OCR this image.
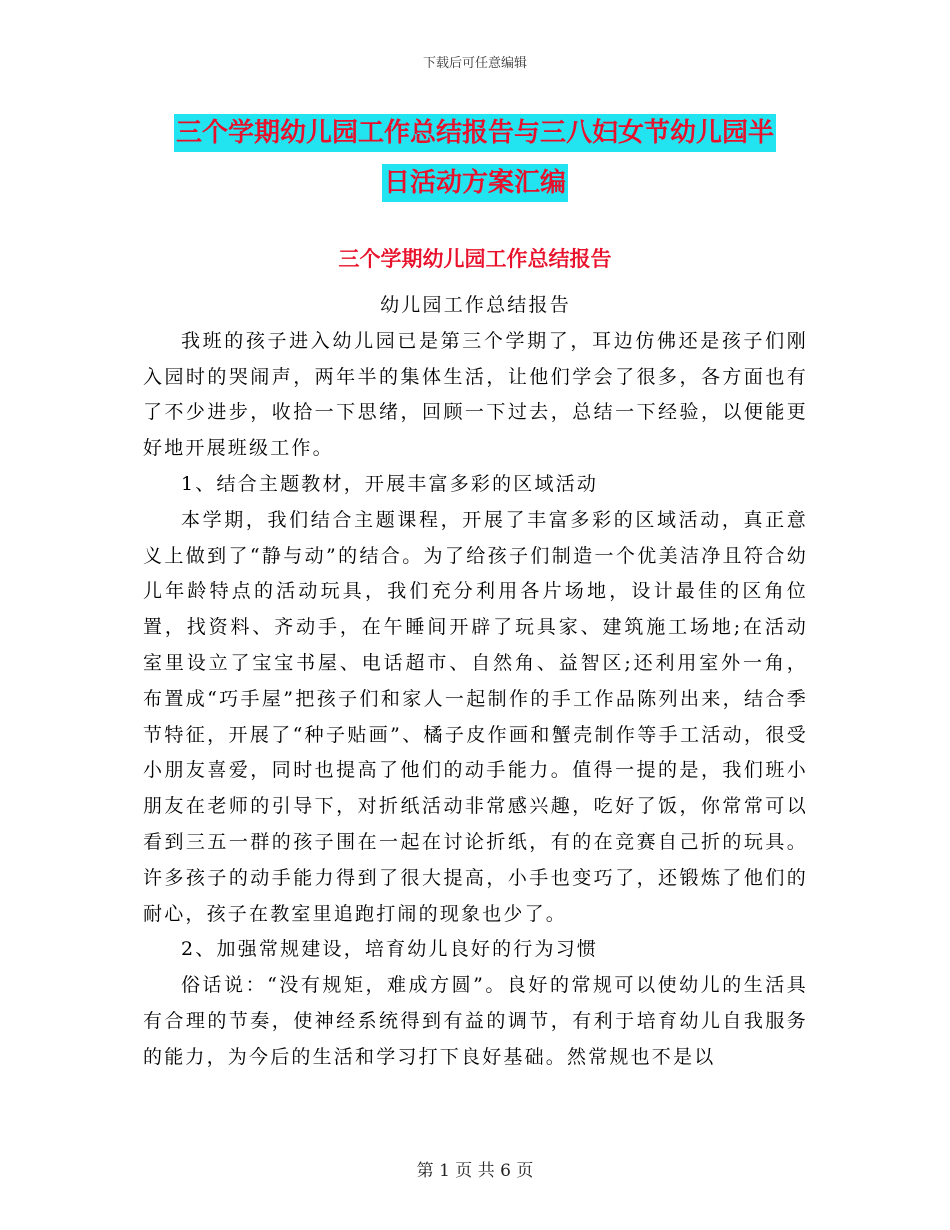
下载后可任意编辑
三个学期幼儿园工作总结报告与三八妇女节幼儿园半
日活动方案汇编
三个学期幼儿园工作总结报告

幼儿园工作总结报告

我班的孩子进入幼儿园已是第三个学期了，耳边仿佛还是孩子们刚入园时的哭闹声，两年半的集体生活，让他们学会了很多，各方面也有了不少进步，收拾一下思绪，回顾一下过去，总结一下经验，以便能更好地开展班级工作。

1、结合主题教材，开展丰富多彩的区域活动

本学期，我们结合主题课程，开展了丰富多彩的区域活动，真正意义上做到了“静与动”的结合。为了给孩子们制造一个优美洁净且符合幼儿年龄特点的活动玩具，我们充分利用各片场地，设计最佳的区角位置，找资料、齐动手，在午睡间开辟了玩具家、建筑施工场地;在活动室里设立了宝宝书屋、电话超市、自然角、益智区;还利用室外一角，布置成“巧手屋”把孩子们和家人一起制作的手工作品陈列出来，结合季节特征，开展了“种子贴画”、橘子皮作画和蟹壳制作等手工活动，很受小朋友喜爱，同时也提高了他们的动手能力。值得一提的是，我们班小朋友在老师的引导下，对折纸活动非常感兴趣，吃好了饭，你常常可以看到三五一群的孩子围在一起在讨论折纸，有的在竞赛自己折的玩具。许多孩子的动手能力得到了很大提高，小手也变巧了，还锻炼了他们的耐心，孩子在教室里追跑打闹的现象也少了。

2、加强常规建设，培育幼儿良好的行为习惯

俗话说：“没有规矩，难成方圆”。良好的常规可以使幼儿的生活具有合理的节奏，使神经系统得到有益的调节，有利于培育幼儿自我服务的能力，为今后的生活和学习打下良好基础。然常规也不是以

第 1 页 共 6 页
